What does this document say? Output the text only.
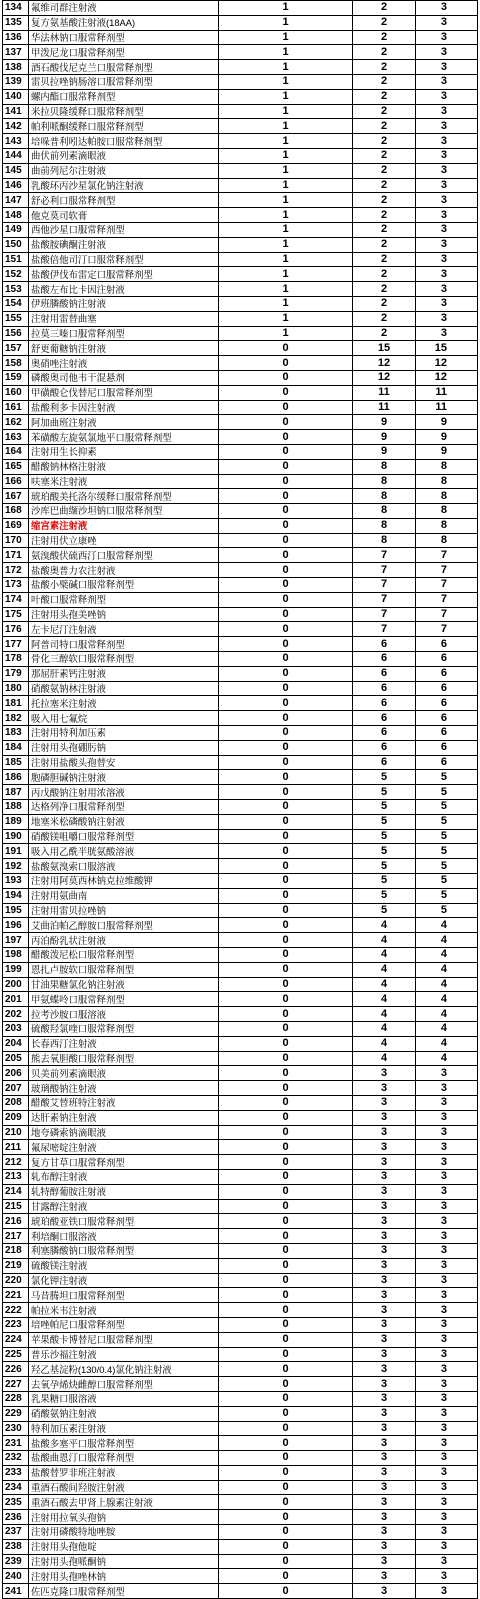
134	氟维司群注射液	1	2	3
135	复方氨基酸注射液(18AA)	1	2	3
136	华法林钠口服常释剂型	1	2	3
137	甲泼尼龙口服常释剂型	1	2	3
138	酒石酸伐尼克兰口服常释剂型	1	2	3
139	雷贝拉唑钠肠溶口服常释剂型	1	2	3
140	螺内酯口服常释剂型	1	2	3
141	米拉贝隆缓释口服常释剂型	1	2	3
142	帕利哌酮缓释口服常释剂型	1	2	3
143	培哚普利吲达帕胺口服常释剂型	1	2	3
144	曲伏前列素滴眼液	1	2	3
145	曲前列尼尔注射液	1	2	3
146	乳酸环丙沙星氯化钠注射液	1	2	3
147	舒必利口服常释剂型	1	2	3
148	他克莫司软膏	1	2	3
149	西他沙星口服常释剂型	1	2	3
150	盐酸胺碘酮注射液	1	2	3
151	盐酸倍他司汀口服常释剂型	1	2	3
152	盐酸伊伐布雷定口服常释剂型	1	2	3
153	盐酸左布比卡因注射液	1	2	3
154	伊班膦酸钠注射液	1	2	3
155	注射用雷替曲塞	1	2	3
156	拉莫三嗪口服常释剂型	1	2	3
157	舒更葡糖钠注射液	0	15	15
158	奥硝唑注射液	0	12	12
159	磷酸奥司他韦干混悬剂	0	12	12
160	甲磺酸仑伐替尼口服常释剂型	0	11	11
161	盐酸利多卡因注射液	0	11	11
162	阿加曲班注射液	0	9	9
163	苯磺酸左旋氨氯地平口服常释剂型	0	9	9
164	注射用生长抑素	0	9	9
165	醋酸钠林格注射液	0	8	8
166	呋塞米注射液	0	8	8
167	琥珀酸美托洛尔缓释口服常释剂型	0	8	8
168	沙库巴曲缬沙坦钠口服常释剂型	0	8	8
169	缩宫素注射液	0	8	8
170	注射用伏立康唑	0	8	8
171	氨溴酸伏硫西汀口服常释剂型	0	7	7
172	盐酸奥普力农注射液	0	7	7
173	盐酸小檗碱口服常释剂型	0	7	7
174	叶酸口服常释剂型	0	7	7
175	注射用头孢美唑钠	0	7	7
176	左卡尼汀注射液	0	7	7
177	阿普司特口服常释剂型	0	6	6
178	骨化三醇软口服常释剂型	0	6	6
179	那屈肝素钙注射液	0	6	6
180	硝酸氨钠林注射液	0	6	6
181	托拉塞米注射液	0	6	6
182	吸入用七氟烷	0	6	6
183	注射用特利加压素	0	6	6
184	注射用头孢硼肟钠	0	6	6
185	注射用盐酸头孢替安	0	6	6
186	胞磷胆碱钠注射液	0	5	5
187	丙戊酸钠注射用浓溶液	0	5	5
188	达格列净口服常释剂型	0	5	5
189	地塞米松磷酸钠注射液	0	5	5
190	硝酸镁咀嚼口服常释剂型	0	5	5
191	吸入用乙酰半胱氨酸溶液	0	5	5
192	盐酸氨溴索口服溶液	0	5	5
193	注射用阿莫西林钠克拉维酸钾	0	5	5
194	注射用氨曲南	0	5	5
195	注射用雷贝拉唑钠	0	5	5
196	艾曲泊帕乙醇胺口服常释剂型	0	4	4
197	丙泊酚乳状注射液	0	4	4
198	醋酸泼尼松口服常释剂型	0	4	4
199	恩扎卢胺软口服常释剂型	0	4	4
200	甘油果糖氯化钠注射液	0	4	4
201	甲氨蝶呤口服常释剂型	0	4	4
202	拉考沙胺口服溶液	0	4	4
203	硫酸羟氯喹口服常释剂型	0	4	4
204	长春西汀注射液	0	4	4
205	熊去氧胆酸口服常释剂型	0	4	4
206	贝美前列素滴眼液	0	3	3
207	玻璃酸钠注射液	0	3	3
208	醋酸艾替班特注射液	0	3	3
209	达肝素钠注射液	0	3	3
210	地夸磷索钠滴眼液	0	3	3
211	氟尿嘧啶注射液	0	3	3
212	复方甘草口服常释剂型	0	3	3
213	轧布醇注射液	0	3	3
214	轧特醇葡胺注射液	0	3	3
215	甘露醇注射液	0	3	3
216	琥珀酸亚铁口服常释剂型	0	3	3
217	利培酮口服溶液	0	3	3
218	利塞膦酸钠口服常释剂型	0	3	3
219	硫酸镁注射液	0	3	3
220	氯化钾注射液	0	3	3
221	马昔腾坦口服常释剂型	0	3	3
222	帕拉米韦注射液	0	3	3
223	培唑帕尼口服常释剂型	0	3	3
224	苹果酸卡博替尼口服常释剂型	0	3	3
225	普乐沙福注射液	0	3	3
226	羟乙基淀粉(130/0.4)氯化钠注射液	0	3	3
227	去氧孕烯炔雌醇口服常释剂型	0	3	3
228	乳果糖口服溶液	0	3	3
229	硝酸氨钠注射液	0	3	3
230	特利加压素注射液	0	3	3
231	盐酸多塞平口服常释剂型	0	3	3
232	盐酸曲恩汀口服常释剂型	0	3	3
233	盐酸替罗非班注射液	0	3	3
234	重酒石酸间羟胺注射液	0	3	3
235	重酒石酸去甲肾上腺素注射液	0	3	3
236	注射用拉氧头孢钠	0	3	3
237	注射用磷酸特地唑胺	0	3	3
238	注射用头孢他啶	0	3	3
239	注射用头孢哌酮钠	0	3	3
240	注射用头孢唑林钠	0	3	3
241	佐匹克隆口服常释剂型	0	3	3
